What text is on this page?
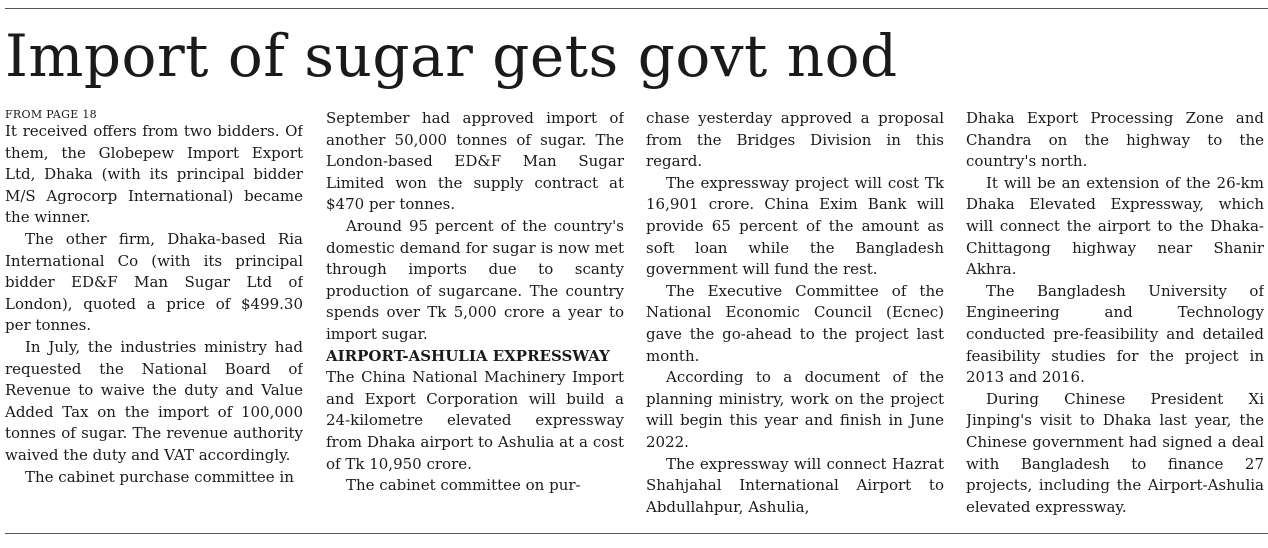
Import of sugar gets govt nod

FROM PAGE 18

It received offers from two bidders. Of them, the Globepew Import Export Ltd, Dhaka (with its principal bidder M/S Agrocorp International) became the winner.

The other firm, Dhaka-based Ria International Co (with its principal bidder ED&F Man Sugar Ltd of London), quoted a price of $499.30 per tonnes.

In July, the industries ministry had requested the National Board of Revenue to waive the duty and Value Added Tax on the import of 100,000 tonnes of sugar. The revenue authority waived the duty and VAT accordingly.

The cabinet purchase committee in

September had approved import of another 50,000 tonnes of sugar. The London-based ED&F Man Sugar Limited won the supply contract at $470 per tonnes.

Around 95 percent of the country's domestic demand for sugar is now met through imports due to scanty production of sugarcane. The country spends over Tk 5,000 crore a year to import sugar.

AIRPORT-ASHULIA EXPRESSWAY

The China National Machinery Import and Export Corporation will build a 24-kilometre elevated expressway from Dhaka airport to Ashulia at a cost of Tk 10,950 crore.

The cabinet committee on pur-

chase yesterday approved a proposal from the Bridges Division in this regard.

The expressway project will cost Tk 16,901 crore. China Exim Bank will provide 65 percent of the amount as soft loan while the Bangladesh government will fund the rest.

The Executive Committee of the National Economic Council (Ecnec) gave the go-ahead to the project last month.

According to a document of the planning ministry, work on the project will begin this year and finish in June 2022.

The expressway will connect Hazrat Shahjahal International Airport to Abdullahpur, Ashulia,

Dhaka Export Processing Zone and Chandra on the highway to the country's north.

It will be an extension of the 26-km Dhaka Elevated Expressway, which will connect the airport to the Dhaka-Chittagong highway near Shanir Akhra.

The Bangladesh University of Engineering and Technology conducted pre-feasibility and detailed feasibility studies for the project in 2013 and 2016.

During Chinese President Xi Jinping's visit to Dhaka last year, the Chinese government had signed a deal with Bangladesh to finance 27 projects, including the Airport-Ashulia elevated expressway.
